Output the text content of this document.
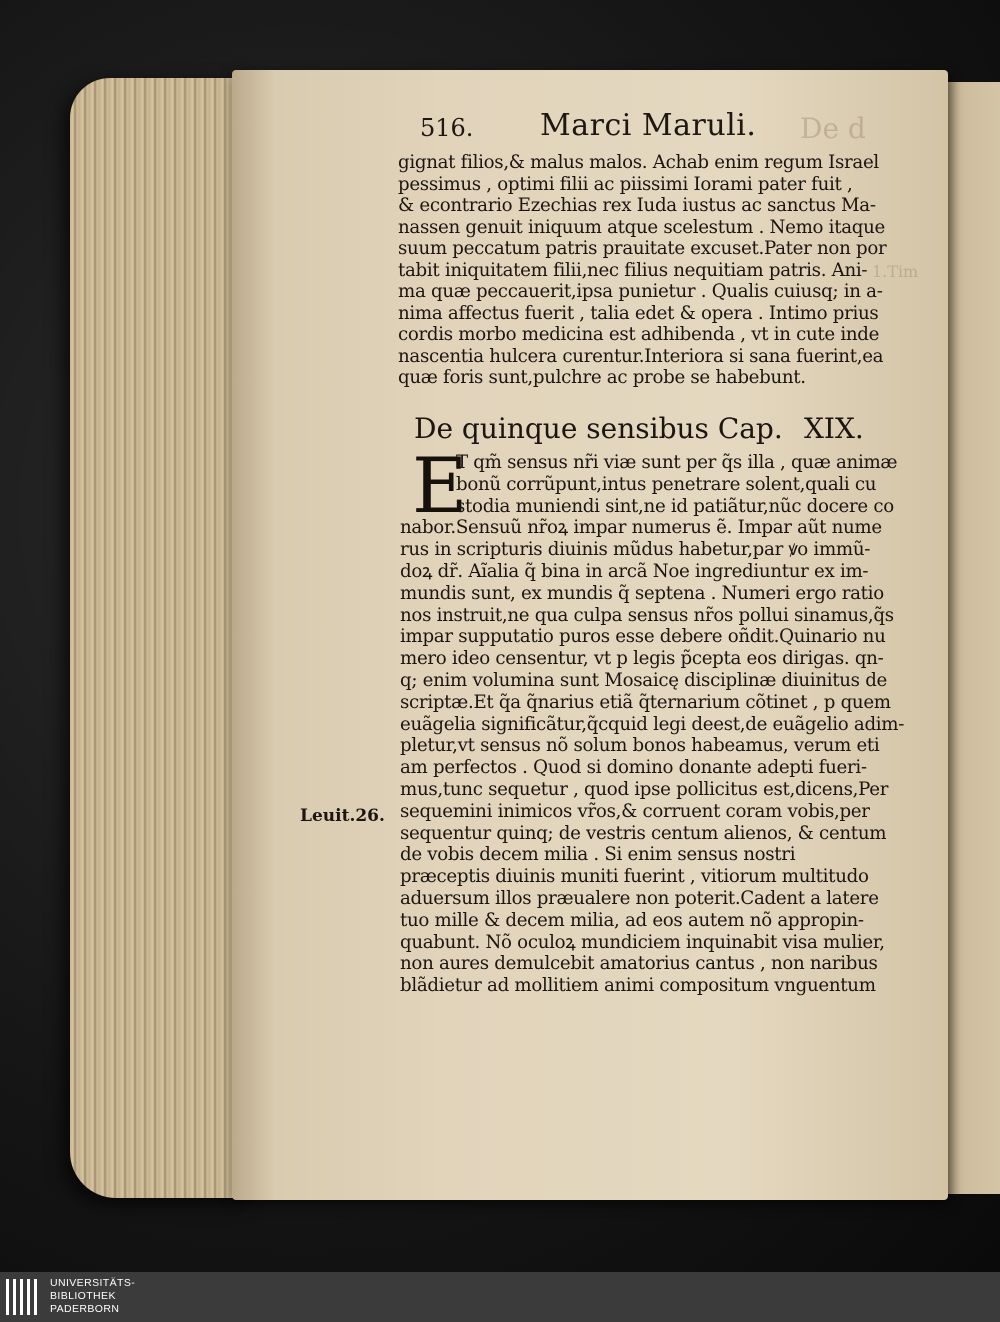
De d
1.Tim
516. Marci Maruli.
gignat filios,& malus malos. Achab enim regum Israel
pessimus , optimi filii ac piissimi Iorami pater fuit ,
& econtrario Ezechias rex Iuda iustus ac sanctus Ma-
nassen genuit iniquum atque scelestum . Nemo itaque
suum peccatum patris prauitate excuset.Pater non por
tabit iniquitatem filii,nec filius nequitiam patris. Ani-
ma quæ peccauerit,ipsa punietur . Qualis cuiusq; in a-
nima affectus fuerit , talia edet & opera . Intimo prius
cordis morbo medicina est adhibenda , vt in cute inde
nascentia hulcera curentur.Interiora si sana fuerint,ea
quæ foris sunt,pulchre ac probe se habebunt.
De quinque sensibus Cap. XIX.
E
T qm̃ sensus nr̃i viæ sunt per q̃s illa , quæ animæ
bonũ corrũpunt,intus penetrare solent,quali cu
stodia muniendi sint,ne id patiãtur,nũc docere co
nabor.Sensuũ nr̃oꝝ impar numerus ẽ. Impar aũt nume
rus in scripturis diuinis mũdus habetur,par ꝟo immũ-
doꝝ dr̃. Aĩalia q̃ bina in arcã Noe ingrediuntur ex im-
mundis sunt, ex mundis q̃ septena . Numeri ergo ratio
nos instruit,ne qua culpa sensus nr̃os pollui sinamus,q̃s
impar supputatio puros esse debere oñdit.Quinario nu
mero ideo censentur, vt p legis p̃cepta eos dirigas. qn-
q; enim volumina sunt Mosaicę disciplinæ diuinitus de
scriptæ.Et q̃a q̃narius etiã q̃ternarium cõtinet , p quem
euãgelia significãtur,q̃cquid legi deest,de euãgelio adim-
pletur,vt sensus nõ solum bonos habeamus, verum eti
am perfectos . Quod si domino donante adepti fueri-
mus,tunc sequetur , quod ipse pollicitus est,dicens,Per
sequemini inimicos vr̃os,& corruent coram vobis,per
sequentur quinq; de vestris centum alienos, & centum
de vobis decem milia . Si enim sensus nostri
præceptis diuinis muniti fuerint , vitiorum multitudo
aduersum illos præualere non poterit.Cadent a latere
tuo mille & decem milia, ad eos autem nõ appropin-
quabunt. Nõ oculoꝝ mundiciem inquinabit visa mulier,
non aures demulcebit amatorius cantus , non naribus
blãdietur ad mollitiem animi compositum vnguentum
Leuit.26.
UNIVERSITÄTS-
BIBLIOTHEK
PADERBORN
